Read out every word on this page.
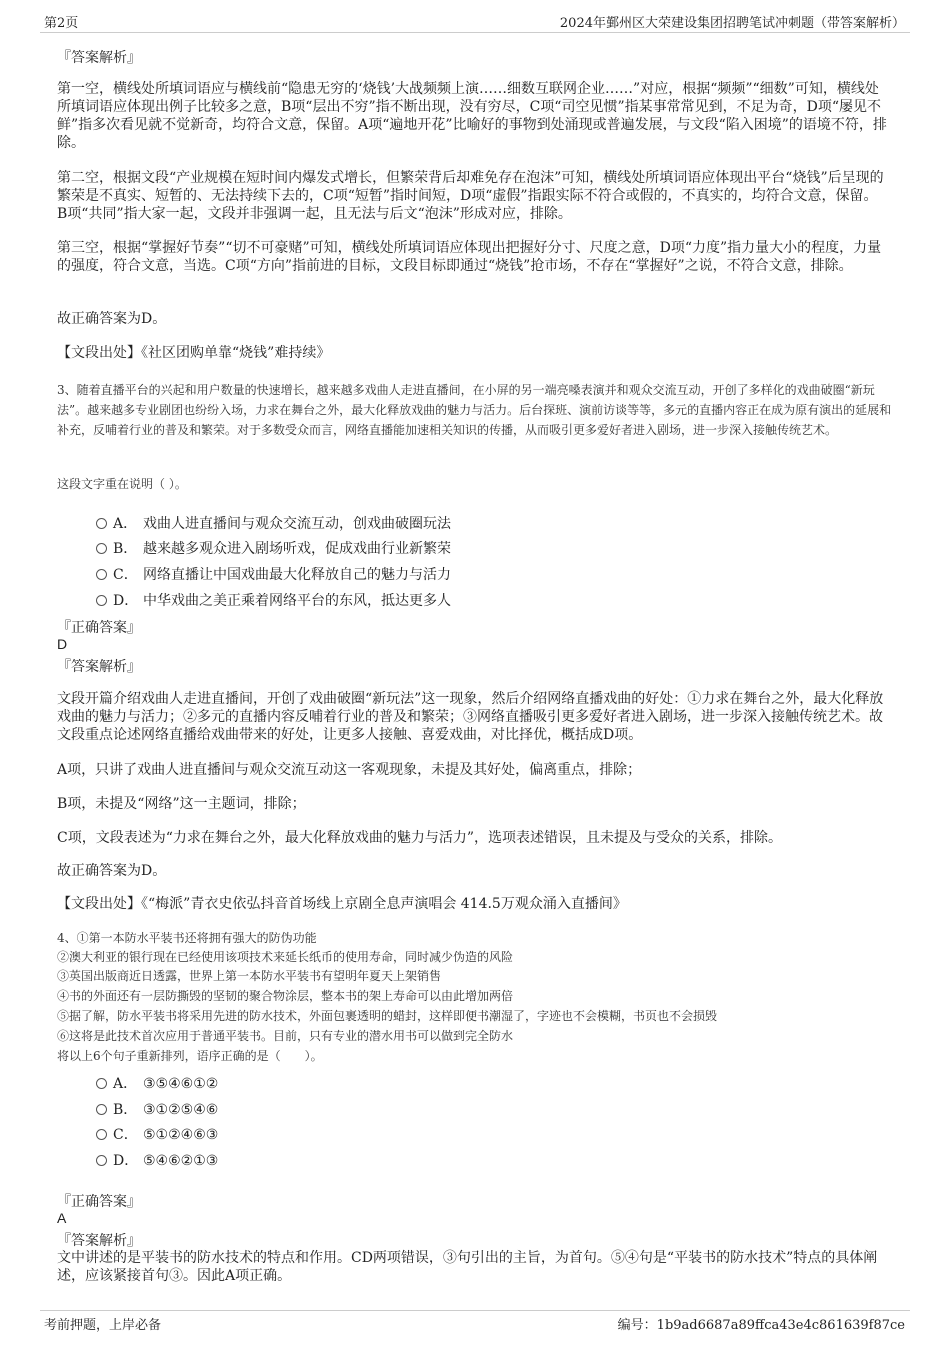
第2页	2024年鄞州区大荣建设集团招聘笔试冲刺题（带答案解析）
『答案解析』
第一空，横线处所填词语应与横线前“隐患无穷的‘烧钱’大战频频上演……细数互联网企业……”对应，根据“频频”“细数”可知，横线处所填词语应体现出例子比较多之意，B项“层出不穷”指不断出现，没有穷尽，C项“司空见惯”指某事常常见到，不足为奇，D项“屡见不鲜”指多次看见就不觉新奇，均符合文意，保留。A项“遍地开花”比喻好的事物到处涌现或普遍发展，与文段“陷入困境”的语境不符，排除。
第二空，根据文段“产业规模在短时间内爆发式增长，但繁荣背后却难免存在泡沫”可知，横线处所填词语应体现出平台“烧钱”后呈现的繁荣是不真实、短暂的、无法持续下去的，C项“短暂”指时间短，D项“虚假”指跟实际不符合或假的，不真实的，均符合文意，保留。B项“共同”指大家一起，文段并非强调一起，且无法与后文“泡沫”形成对应，排除。
第三空，根据“掌握好节奏”“切不可豪赌”可知，横线处所填词语应体现出把握好分寸、尺度之意，D项“力度”指力量大小的程度，力量的强度，符合文意，当选。C项“方向”指前进的目标，文段目标即通过“烧钱”抢市场，不存在“掌握好”之说，不符合文意，排除。
故正确答案为D。
【文段出处】《社区团购单靠“烧钱”难持续》
3、随着直播平台的兴起和用户数量的快速增长，越来越多戏曲人走进直播间，在小屏的另一端亮嗓表演并和观众交流互动，开创了多样化的戏曲破圈“新玩法”。越来越多专业剧团也纷纷入场，力求在舞台之外，最大化释放戏曲的魅力与活力。后台探班、演前访谈等等，多元的直播内容正在成为原有演出的延展和补充，反哺着行业的普及和繁荣。对于多数受众而言，网络直播能加速相关知识的传播，从而吸引更多爱好者进入剧场，进一步深入接触传统艺术。
这段文字重在说明（ ）。
A． 戏曲人进直播间与观众交流互动，创戏曲破圈玩法
B． 越来越多观众进入剧场听戏，促成戏曲行业新繁荣
C． 网络直播让中国戏曲最大化释放自己的魅力与活力
D． 中华戏曲之美正乘着网络平台的东风，抵达更多人
『正确答案』
D
『答案解析』
文段开篇介绍戏曲人走进直播间，开创了戏曲破圈“新玩法”这一现象，然后介绍网络直播戏曲的好处：①力求在舞台之外，最大化释放戏曲的魅力与活力；②多元的直播内容反哺着行业的普及和繁荣；③网络直播吸引更多爱好者进入剧场，进一步深入接触传统艺术。故文段重点论述网络直播给戏曲带来的好处，让更多人接触、喜爱戏曲，对比择优，概括成D项。
A项，只讲了戏曲人进直播间与观众交流互动这一客观现象，未提及其好处，偏离重点，排除；
B项，未提及“网络”这一主题词，排除；
C项，文段表述为“力求在舞台之外，最大化释放戏曲的魅力与活力”，选项表述错误，且未提及与受众的关系，排除。
故正确答案为D。
【文段出处】《“梅派”青衣史依弘抖音首场线上京剧全息声演唱会 414.5万观众涌入直播间》
4、①第一本防水平装书还将拥有强大的防伪功能
②澳大利亚的银行现在已经使用该项技术来延长纸币的使用寿命，同时减少伪造的风险
③英国出版商近日透露，世界上第一本防水平装书有望明年夏天上架销售
④书的外面还有一层防撕毁的坚韧的聚合物涂层，整本书的架上寿命可以由此增加两倍
⑤据了解，防水平装书将采用先进的防水技术，外面包裹透明的蜡封，这样即便书潮湿了，字迹也不会模糊，书页也不会损毁
⑥这将是此技术首次应用于普通平装书。目前，只有专业的潜水用书可以做到完全防水
将以上6个句子重新排列，语序正确的是（　　）。
A． ③⑤④⑥①②
B． ③①②⑤④⑥
C． ⑤①②④⑥③
D． ⑤④⑥②①③
『正确答案』
A
『答案解析』
文中讲述的是平装书的防水技术的特点和作用。CD两项错误，③句引出的主旨，为首句。⑤④句是“平装书的防水技术”特点的具体阐述，应该紧接首句③。因此A项正确。
考前押题，上岸必备	编号：1b9ad6687a89ffca43e4c861639f87ce
